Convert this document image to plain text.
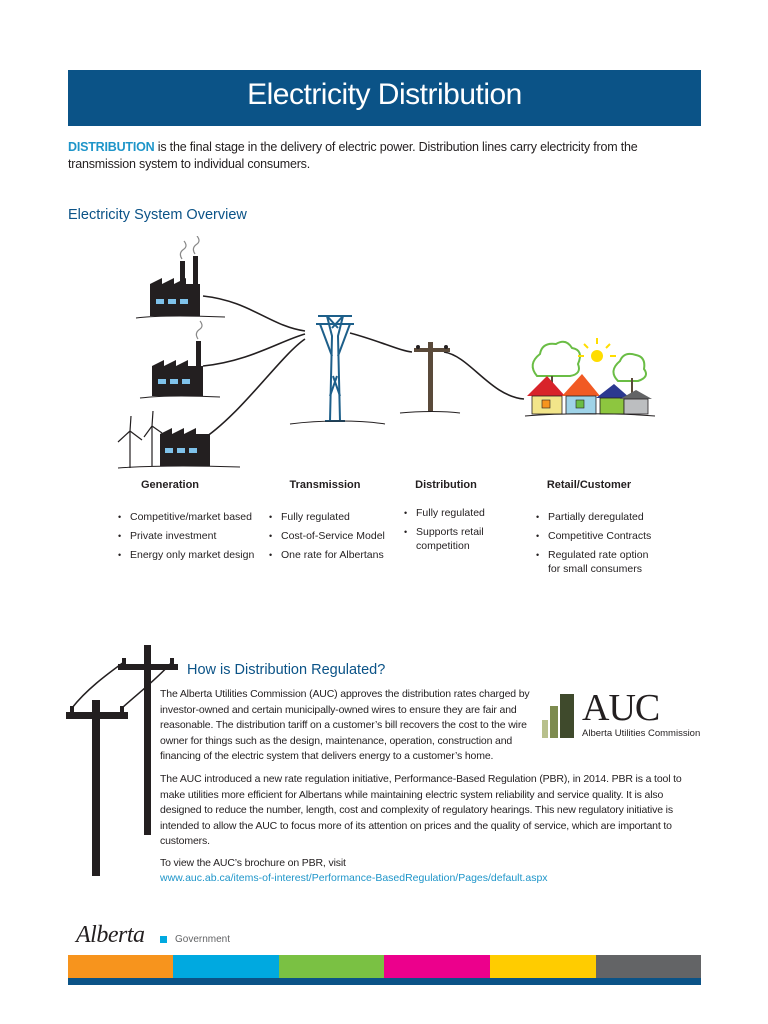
Electricity Distribution
DISTRIBUTION is the final stage in the delivery of electric power. Distribution lines carry electricity from the transmission system to individual consumers.
Electricity System Overview
Generation	Transmission	Distribution	Retail/Customer
• Competitive/market based
• Private investment
• Energy only market design
• Fully regulated
• Cost-of-Service Model
• One rate for Albertans
• Fully regulated
• Supports retail competition
• Partially deregulated
• Competitive Contracts
• Regulated rate option for small consumers
How is Distribution Regulated?
The Alberta Utilities Commission (AUC) approves the distribution rates charged by investor-owned and certain municipally-owned wires to ensure they are fair and reasonable. The distribution tariff on a customer’s bill recovers the cost to the wire owner for things such as the design, maintenance, operation, construction and financing of the electric system that delivers energy to a customer’s home.
AUC
Alberta Utilities Commission
The AUC introduced a new rate regulation initiative, Performance-Based Regulation (PBR), in 2014. PBR is a tool to make utilities more efficient for Albertans while maintaining electric system reliability and service quality. It is also designed to reduce the number, length, cost and complexity of regulatory hearings. This new regulatory initiative is intended to allow the AUC to focus more of its attention on prices and the quality of service, which are important to customers.
To view the AUC’s brochure on PBR, visit
www.auc.ab.ca/items-of-interest/Performance-BasedRegulation/Pages/default.aspx
Alberta	Government
